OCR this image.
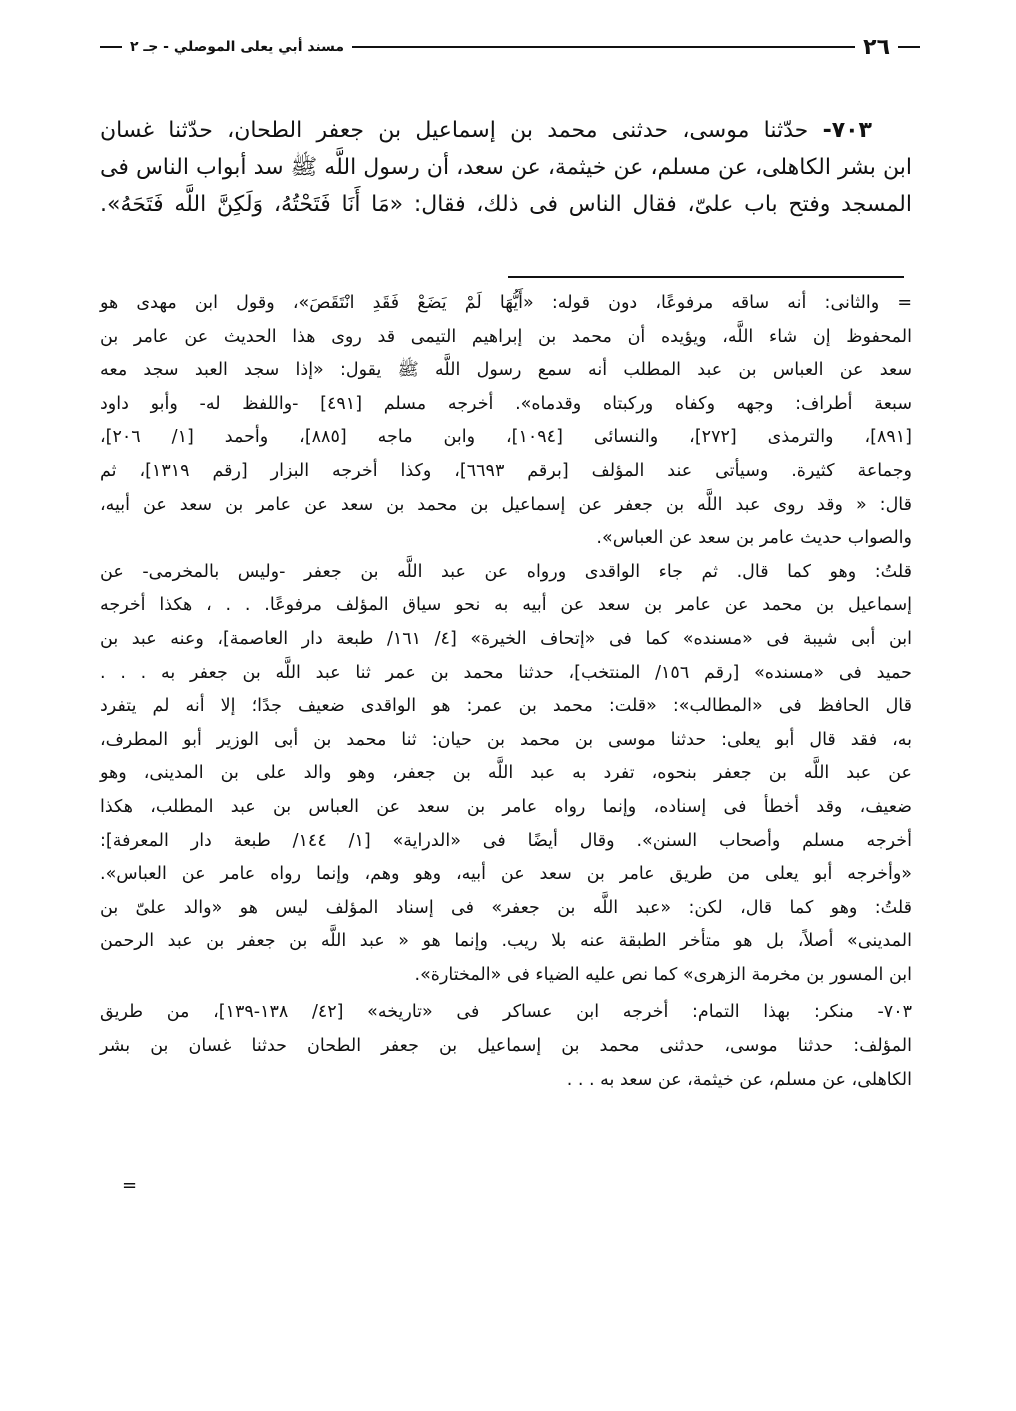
٢٦
مسند أبي يعلى الموصلي - جـ ٢
٧٠٣- حدّثنا موسى، حدثنى محمد بن إسماعيل بن جعفر الطحان، حدّثنا غسان
ابن بشر الكاهلى، عن مسلم، عن خيثمة، عن سعد، أن رسول اللَّه ﷺ سد أبواب الناس فى
المسجد وفتح باب علىّ، فقال الناس فى ذلك، فقال: «مَا أَنَا فَتَحْتُهُ، وَلَكِنَّ اللَّه فَتَحَهُ».
= والثانى: أنه ساقه مرفوعًا، دون قوله: «أَيُّهَا لَمْ يَضَعْ فَقَدِ انْتَقَصَ»، وقول ابن مهدى هو
المحفوظ إن شاء اللَّه، ويؤيده أن محمد بن إبراهيم التيمى قد روى هذا الحديث عن عامر بن
سعد عن العباس بن عبد المطلب أنه سمع رسول اللَّه ﷺ يقول: «إذا سجد العبد سجد معه
سبعة أطراف: وجهه وكفاه وركبتاه وقدماه». أخرجه مسلم [٤٩١] -واللفظ له- وأبو داود
[٨٩١]، والترمذى [٢٧٢]، والنسائى [١٠٩٤]، وابن ماجه [٨٨٥]، وأحمد [١/ ٢٠٦]،
وجماعة كثيرة. وسيأتى عند المؤلف [برقم ٦٦٩٣]، وكذا أخرجه البزار [رقم ١٣١٩]، ثم
قال: « وقد روى عبد اللَّه بن جعفر عن إسماعيل بن محمد بن سعد عن عامر بن سعد عن أبيه،
والصواب حديث عامر بن سعد عن العباس».
قلتُ: وهو كما قال. ثم جاء الواقدى ورواه عن عبد اللَّه بن جعفر -وليس بالمخرمى- عن
إسماعيل بن محمد عن عامر بن سعد عن أبيه به نحو سياق المؤلف مرفوعًا. . . ، هكذا أخرجه
ابن أبى شيبة فى «مسنده» كما فى «إتحاف الخيرة» [٤/ ١٦١/ طبعة دار العاصمة]، وعنه عبد بن
حميد فى «مسنده» [رقم ١٥٦/ المنتخب]، حدثنا محمد بن عمر ثنا عبد اللَّه بن جعفر به . . .
قال الحافظ فى «المطالب»: «قلت: محمد بن عمر: هو الواقدى ضعيف جدًا؛ إلا أنه لم يتفرد
به، فقد قال أبو يعلى: حدثنا موسى بن محمد بن حيان: ثنا محمد بن أبى الوزير أبو المطرف،
عن عبد اللَّه بن جعفر بنحوه، تفرد به عبد اللَّه بن جعفر، وهو والد على بن المدينى، وهو
ضعيف، وقد أخطأ فى إسناده، وإنما رواه عامر بن سعد عن العباس بن عبد المطلب، هكذا
أخرجه مسلم وأصحاب السنن». وقال أيضًا فى «الدراية» [١/ ١٤٤/ طبعة دار المعرفة]:
«وأخرجه أبو يعلى من طريق عامر بن سعد عن أبيه، وهو وهم، وإنما رواه عامر عن العباس».
قلتُ: وهو كما قال، لكن: «عبد اللَّه بن جعفر» فى إسناد المؤلف ليس هو «والد علىّ بن
المدينى» أصلاً، بل هو متأخر الطبقة عنه بلا ريب. وإنما هو « عبد اللَّه بن جعفر بن عبد الرحمن
ابن المسور بن مخرمة الزهرى» كما نص عليه الضياء فى «المختارة».
٧٠٣- منكر: بهذا التمام: أخرجه ابن عساكر فى «تاريخه» [٤٢/ ١٣٨-١٣٩]، من طريق
المؤلف: حدثنا موسى، حدثنى محمد بن إسماعيل بن جعفر الطحان حدثنا غسان بن بشر
الكاهلى، عن مسلم، عن خيثمة، عن سعد به . . .
=
